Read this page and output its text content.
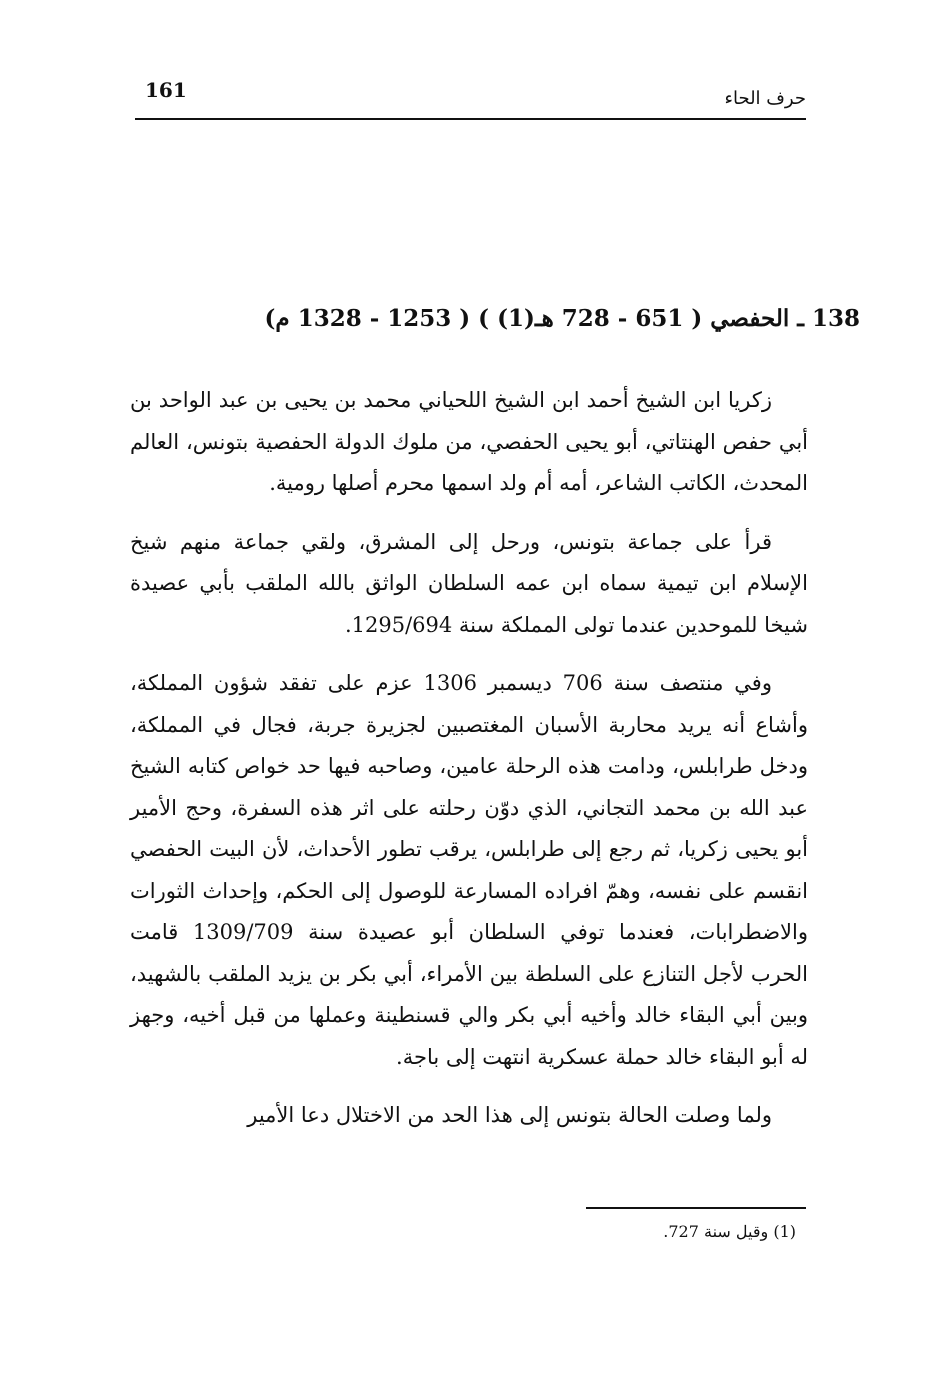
161	حرف الحاء
138 ـ الحفصي ( 651 - 728 هـ(1) ) ( 1253 - 1328 م)

زكريا ابن الشيخ أحمد ابن الشيخ اللحياني محمد بن يحيى بن عبد الواحد بن أبي حفص الهنتاتي، أبو يحيى الحفصي، من ملوك الدولة الحفصية بتونس، العالم المحدث، الكاتب الشاعر، أمه أم ولد اسمها محرم أصلها رومية.

قرأ على جماعة بتونس، ورحل إلى المشرق، ولقي جماعة منهم شيخ الإسلام ابن تيمية سماه ابن عمه السلطان الواثق بالله الملقب بأبي عصيدة شيخا للموحدين عندما تولى المملكة سنة 1295/694.

وفي منتصف سنة 706 ديسمبر 1306 عزم على تفقد شؤون المملكة، وأشاع أنه يريد محاربة الأسبان المغتصبين لجزيرة جربة، فجال في المملكة، ودخل طرابلس، ودامت هذه الرحلة عامين، وصاحبه فيها حد خواص كتابه الشيخ عبد الله بن محمد التجاني، الذي دوّن رحلته على اثر هذه السفرة، وحج الأمير أبو يحيى زكريا، ثم رجع إلى طرابلس، يرقب تطور الأحداث، لأن البيت الحفصي انقسم على نفسه، وهمّ افراده المسارعة للوصول إلى الحكم، وإحداث الثورات والاضطرابات، فعندما توفي السلطان أبو عصيدة سنة 1309/709 قامت الحرب لأجل التنازع على السلطة بين الأمراء، أبي بكر بن يزيد الملقب بالشهيد، وبين أبي البقاء خالد وأخيه أبي بكر والي قسنطينة وعملها من قبل أخيه، وجهز له أبو البقاء خالد حملة عسكرية انتهت إلى باجة.

ولما وصلت الحالة بتونس إلى هذا الحد من الاختلال دعا الأمير

(1) وقيل سنة 727.
